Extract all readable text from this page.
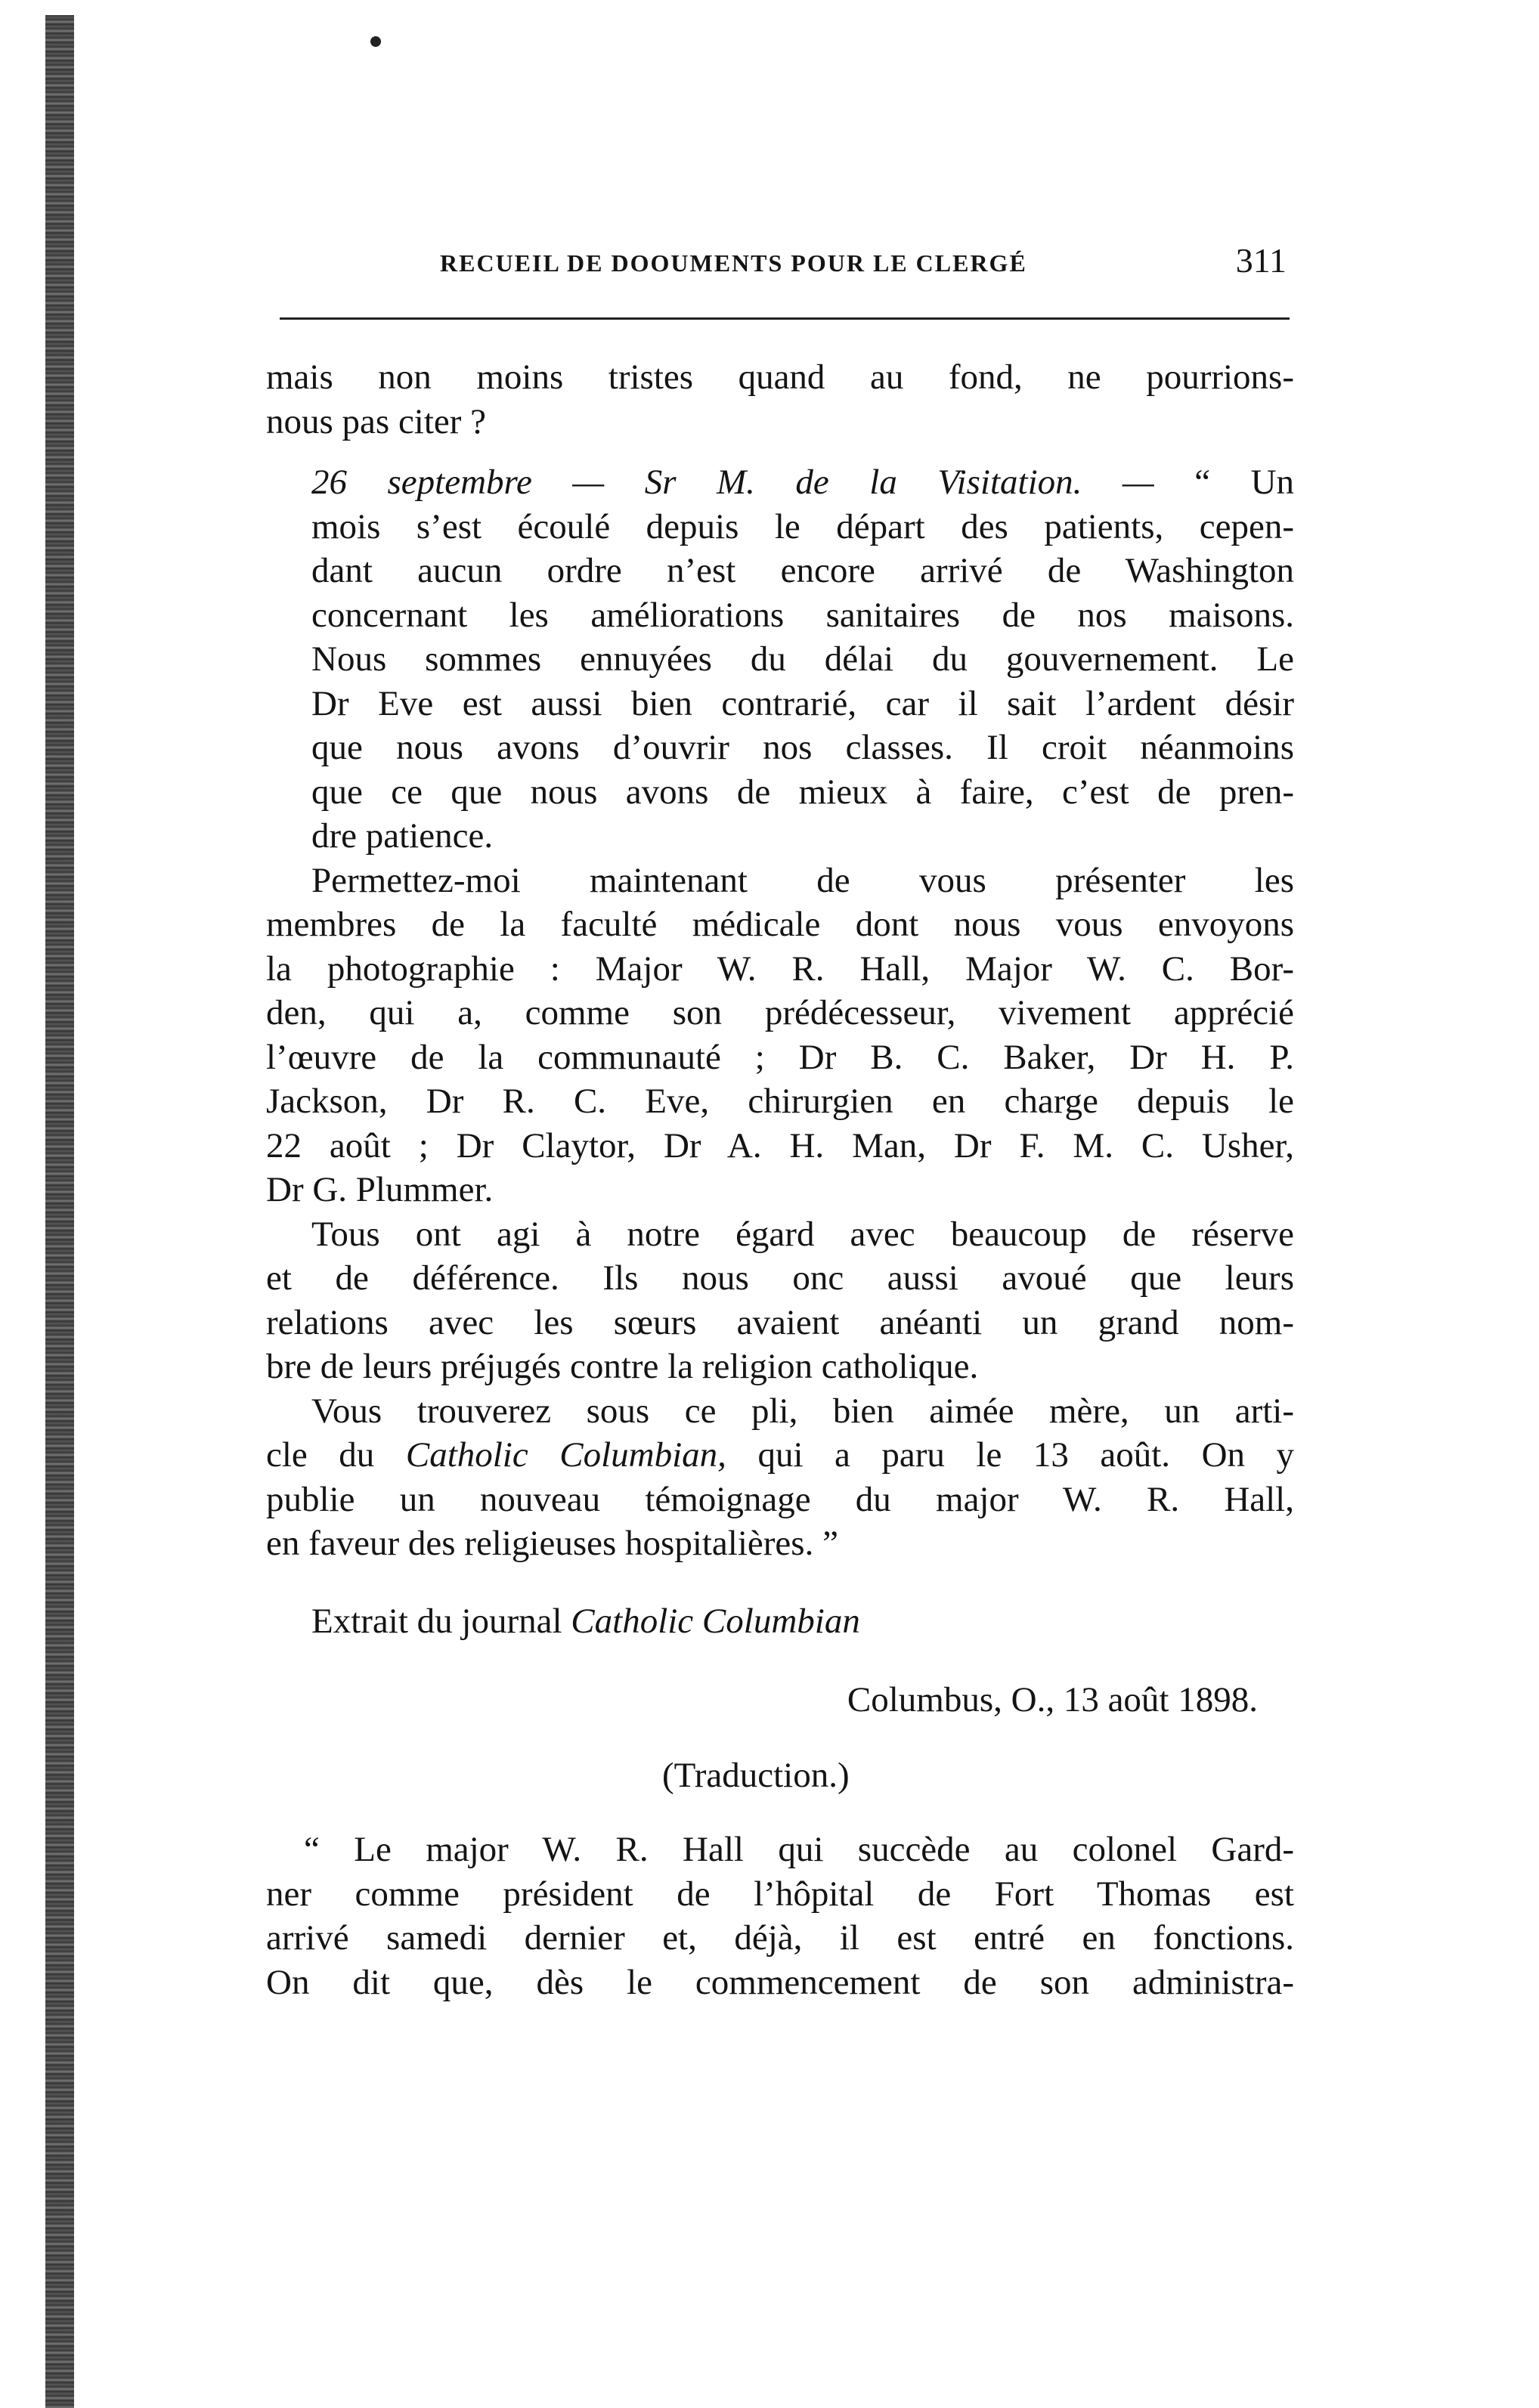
RECUEIL DE DOOUMENTS POUR LE CLERGÉ	311

mais non moins tristes quand au fond, ne pourrions-
nous pas citer ?

26 septembre — Sr M. de la Visitation. — “ Un
mois s’est écoulé depuis le départ des patients, cepen-
dant aucun ordre n’est encore arrivé de Washington
concernant les améliorations sanitaires de nos maisons.
Nous sommes ennuyées du délai du gouvernement. Le
Dr Eve est aussi bien contrarié, car il sait l’ardent désir
que nous avons d’ouvrir nos classes. Il croit néanmoins
que ce que nous avons de mieux à faire, c’est de pren-
dre patience.

Permettez-moi maintenant de vous présenter les
membres de la faculté médicale dont nous vous envoyons
la photographie : Major W. R. Hall, Major W. C. Bor-
den, qui a, comme son prédécesseur, vivement apprécié
l’œuvre de la communauté ; Dr B. C. Baker, Dr H. P.
Jackson, Dr R. C. Eve, chirurgien en charge depuis le
22 août ; Dr Claytor, Dr A. H. Man, Dr F. M. C. Usher,
Dr G. Plummer.

Tous ont agi à notre égard avec beaucoup de réserve
et de déférence. Ils nous onc aussi avoué que leurs
relations avec les sœurs avaient anéanti un grand nom-
bre de leurs préjugés contre la religion catholique.

Vous trouverez sous ce pli, bien aimée mère, un arti-
cle du Catholic Columbian, qui a paru le 13 août. On y
publie un nouveau témoignage du major W. R. Hall,
en faveur des religieuses hospitalières. ”

Extrait du journal Catholic Columbian
Columbus, O., 13 août 1898.
(Traduction.)

“ Le major W. R. Hall qui succède au colonel Gard-
ner comme président de l’hôpital de Fort Thomas est
arrivé samedi dernier et, déjà, il est entré en fonctions.
On dit que, dès le commencement de son administra-
